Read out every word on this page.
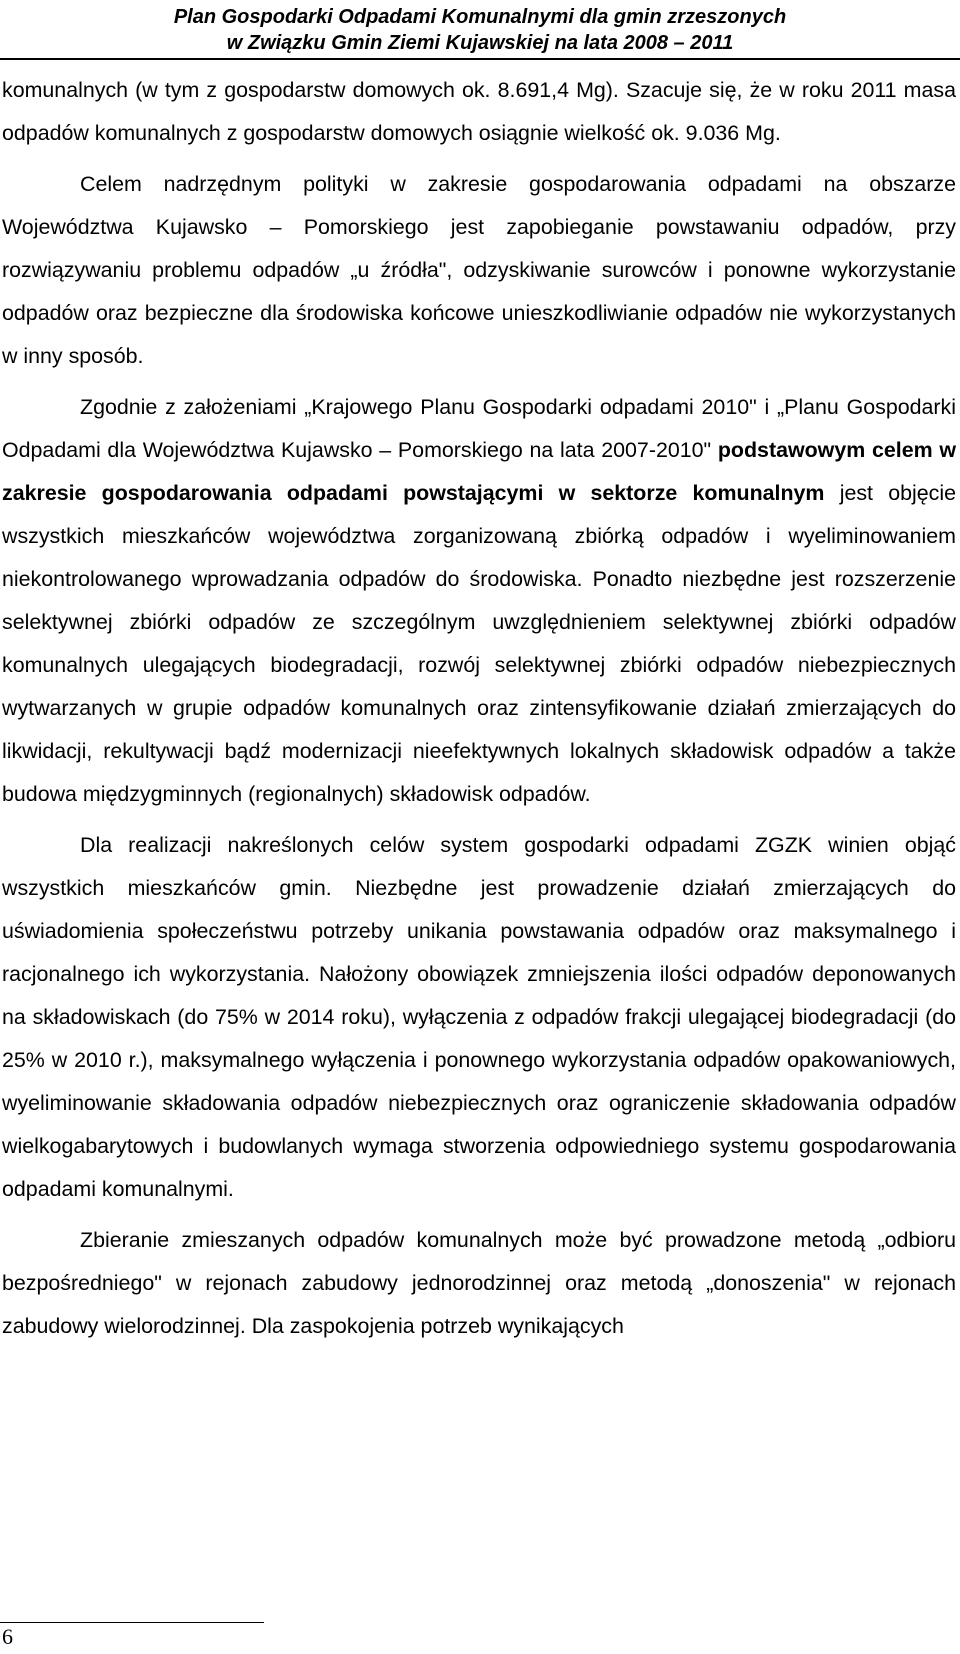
Plan Gospodarki Odpadami Komunalnymi dla gmin zrzeszonych
w Związku Gmin Ziemi Kujawskiej na lata 2008 – 2011

komunalnych (w tym z gospodarstw domowych ok. 8.691,4 Mg). Szacuje się, że w roku 2011 masa odpadów komunalnych z gospodarstw domowych osiągnie wielkość ok. 9.036 Mg.

Celem nadrzędnym polityki w zakresie gospodarowania odpadami na obszarze Województwa Kujawsko – Pomorskiego jest zapobieganie powstawaniu odpadów, przy rozwiązywaniu problemu odpadów „u źródła", odzyskiwanie surowców i ponowne wykorzystanie odpadów oraz bezpieczne dla środowiska końcowe unieszkodliwianie odpadów nie wykorzystanych w inny sposób.

Zgodnie z założeniami „Krajowego Planu Gospodarki odpadami 2010" i „Planu Gospodarki Odpadami dla Województwa Kujawsko – Pomorskiego na lata 2007-2010" podstawowym celem w zakresie gospodarowania odpadami powstającymi w sektorze komunalnym jest objęcie wszystkich mieszkańców województwa zorganizowaną zbiórką odpadów i wyeliminowaniem niekontrolowanego wprowadzania odpadów do środowiska. Ponadto niezbędne jest rozszerzenie selektywnej zbiórki odpadów ze szczególnym uwzględnieniem selektywnej zbiórki odpadów komunalnych ulegających biodegradacji, rozwój selektywnej zbiórki odpadów niebezpiecznych wytwarzanych w grupie odpadów komunalnych oraz zintensyfikowanie działań zmierzających do likwidacji, rekultywacji bądź modernizacji nieefektywnych lokalnych składowisk odpadów a także budowa międzygminnych (regionalnych) składowisk odpadów.

Dla realizacji nakreślonych celów system gospodarki odpadami ZGZK winien objąć wszystkich mieszkańców gmin. Niezbędne jest prowadzenie działań zmierzających do uświadomienia społeczeństwu potrzeby unikania powstawania odpadów oraz maksymalnego i racjonalnego ich wykorzystania. Nałożony obowiązek zmniejszenia ilości odpadów deponowanych na składowiskach (do 75% w 2014 roku), wyłączenia z odpadów frakcji ulegającej biodegradacji (do 25% w 2010 r.), maksymalnego wyłączenia i ponownego wykorzystania odpadów opakowaniowych, wyeliminowanie składowania odpadów niebezpiecznych oraz ograniczenie składowania odpadów wielkogabarytowych i budowlanych wymaga stworzenia odpowiedniego systemu gospodarowania odpadami komunalnymi.

Zbieranie zmieszanych odpadów komunalnych może być prowadzone metodą „odbioru bezpośredniego" w rejonach zabudowy jednorodzinnej oraz metodą „donoszenia" w rejonach zabudowy wielorodzinnej. Dla zaspokojenia potrzeb wynikających

6
